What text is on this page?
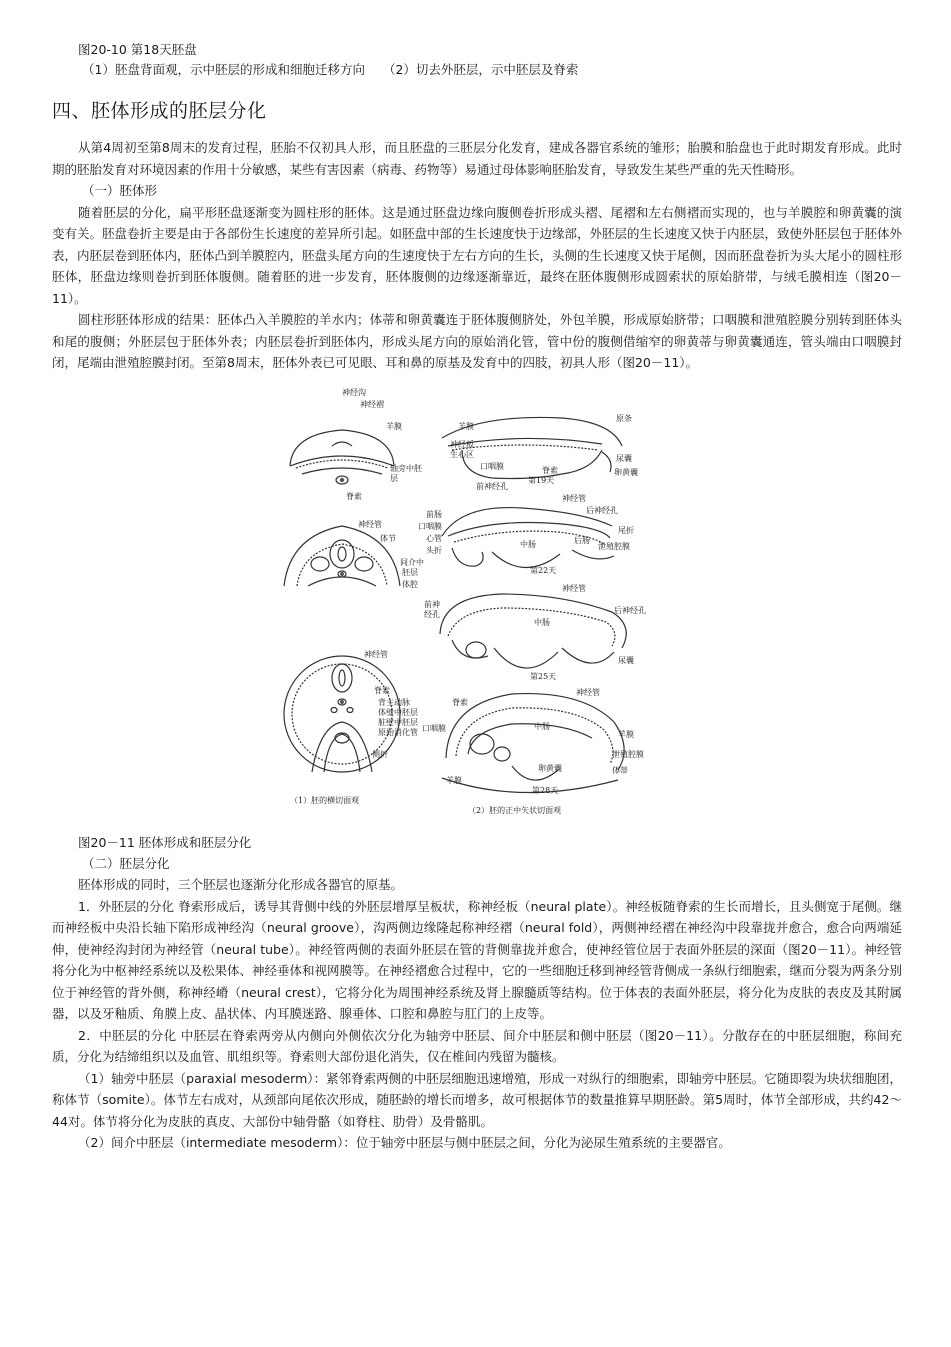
图20-10 第18天胚盘
（1）胚盘背面观，示中胚层的形成和细胞迁移方向 （2）切去外胚层，示中胚层及脊索
四、胚体形成的胚层分化

从第4周初至第8周末的发育过程，胚胎不仅初具人形，而且胚盘的三胚层分化发育，建成各器官系统的雏形；胎膜和胎盘也于此时期发育形成。此时期的胚胎发育对环境因素的作用十分敏感，某些有害因素（病毒、药物等）易通过母体影响胚胎发育，导致发生某些严重的先天性畸形。

（一）胚体形

随着胚层的分化，扁平形胚盘逐渐变为圆柱形的胚体。这是通过胚盘边缘向腹侧卷折形成头褶、尾褶和左右侧褶而实现的，也与羊膜腔和卵黄囊的演变有关。胚盘卷折主要是由于各部份生长速度的差异所引起。如胚盘中部的生长速度快于边缘部，外胚层的生长速度又快于内胚层，致使外胚层包于胚体外表，内胚层卷到胚体内，胚体凸到羊膜腔内，胚盘头尾方向的生速度快于左右方向的生长，头侧的生长速度又快于尾侧，因而胚盘卷折为头大尾小的圆柱形胚体，胚盘边缘则卷折到胚体腹侧。随着胚的进一步发育，胚体腹侧的边缘逐渐靠近，最终在胚体腹侧形成圆索状的原始脐带，与绒毛膜相连（图20－11）。

圆柱形胚体形成的结果：胚体凸入羊膜腔的羊水内；体蒂和卵黄囊连于胚体腹侧脐处，外包羊膜，形成原始脐带；口咽膜和泄殖腔膜分别转到胚体头和尾的腹侧；外胚层包于胚体外表；内胚层卷折到胚体内，形成头尾方向的原始消化管，管中份的腹侧借缩窄的卵黄蒂与卵黄囊通连，管头端由口咽膜封闭，尾端由泄殖腔膜封闭。至第8周末，胚体外表已可见眼、耳和鼻的原基及发育中的四肢，初具人形（图20－11）。

神经沟
神经褶
羊膜
轴旁中胚
层
脊索
神经管
体节
间介中
胚层
体腔
神经管
脊索
背主动脉
体壁中胚层
脏壁中胚层
原始消化管
侧折
（1）胚的横切面观
羊膜
原条
神经板
生心区
口咽膜	脊索
尿囊
卵黄囊
第19天
前神经孔
神经管
后神经孔
前肠
口咽膜
心管
头折
中肠	后肠
尾折
泄殖腔膜
第22天
神经管
前神
经孔
中肠
后神经孔
尿囊
第25天
神经管
脊索
口咽膜	中肠
羊膜
泄殖腔膜
体蒂
卵黄囊
羊膜
第28天
（2）胚的正中矢状切面观
图20－11 胚体形成和胚层分化

（二）胚层分化

胚体形成的同时，三个胚层也逐渐分化形成各器官的原基。

1．外胚层的分化 脊索形成后，诱导其背侧中线的外胚层增厚呈板状，称神经板（neural plate）。神经板随脊索的生长而增长，且头侧宽于尾侧。继而神经板中央沿长轴下陷形成神经沟（neural groove），沟两侧边缘隆起称神经褶（neural fold），两侧神经褶在神经沟中段靠拢并愈合，愈合向两端延伸，使神经沟封闭为神经管（neural tube）。神经管两侧的表面外胚层在管的背侧靠拢并愈合，使神经管位居于表面外胚层的深面（图20－11）。神经管将分化为中枢神经系统以及松果体、神经垂体和视网膜等。在神经褶愈合过程中，它的一些细胞迁移到神经管背侧成一条纵行细胞索，继而分裂为两条分别位于神经管的背外侧，称神经嵴（neural crest），它将分化为周围神经系统及肾上腺髓质等结构。位于体表的表面外胚层，将分化为皮肤的表皮及其附属器，以及牙釉质、角膜上皮、晶状体、内耳膜迷路、腺垂体、口腔和鼻腔与肛门的上皮等。

2．中胚层的分化 中胚层在脊索两旁从内侧向外侧依次分化为轴旁中胚层、间介中胚层和侧中胚层（图20－11）。分散存在的中胚层细胞，称间充质，分化为结缔组织以及血管、肌组织等。脊索则大部份退化消失，仅在椎间内残留为髓核。

（1）轴旁中胚层（paraxial mesoderm）：紧邻脊索两侧的中胚层细胞迅速增殖，形成一对纵行的细胞索，即轴旁中胚层。它随即裂为块状细胞团，称体节（somite）。体节左右成对，从颈部向尾依次形成，随胚龄的增长而增多，故可根据体节的数量推算早期胚龄。第5周时，体节全部形成，共约42～44对。体节将分化为皮肤的真皮、大部份中轴骨骼（如脊柱、肋骨）及骨骼肌。

（2）间介中胚层（intermediate mesoderm）：位于轴旁中胚层与侧中胚层之间，分化为泌尿生殖系统的主要器官。
